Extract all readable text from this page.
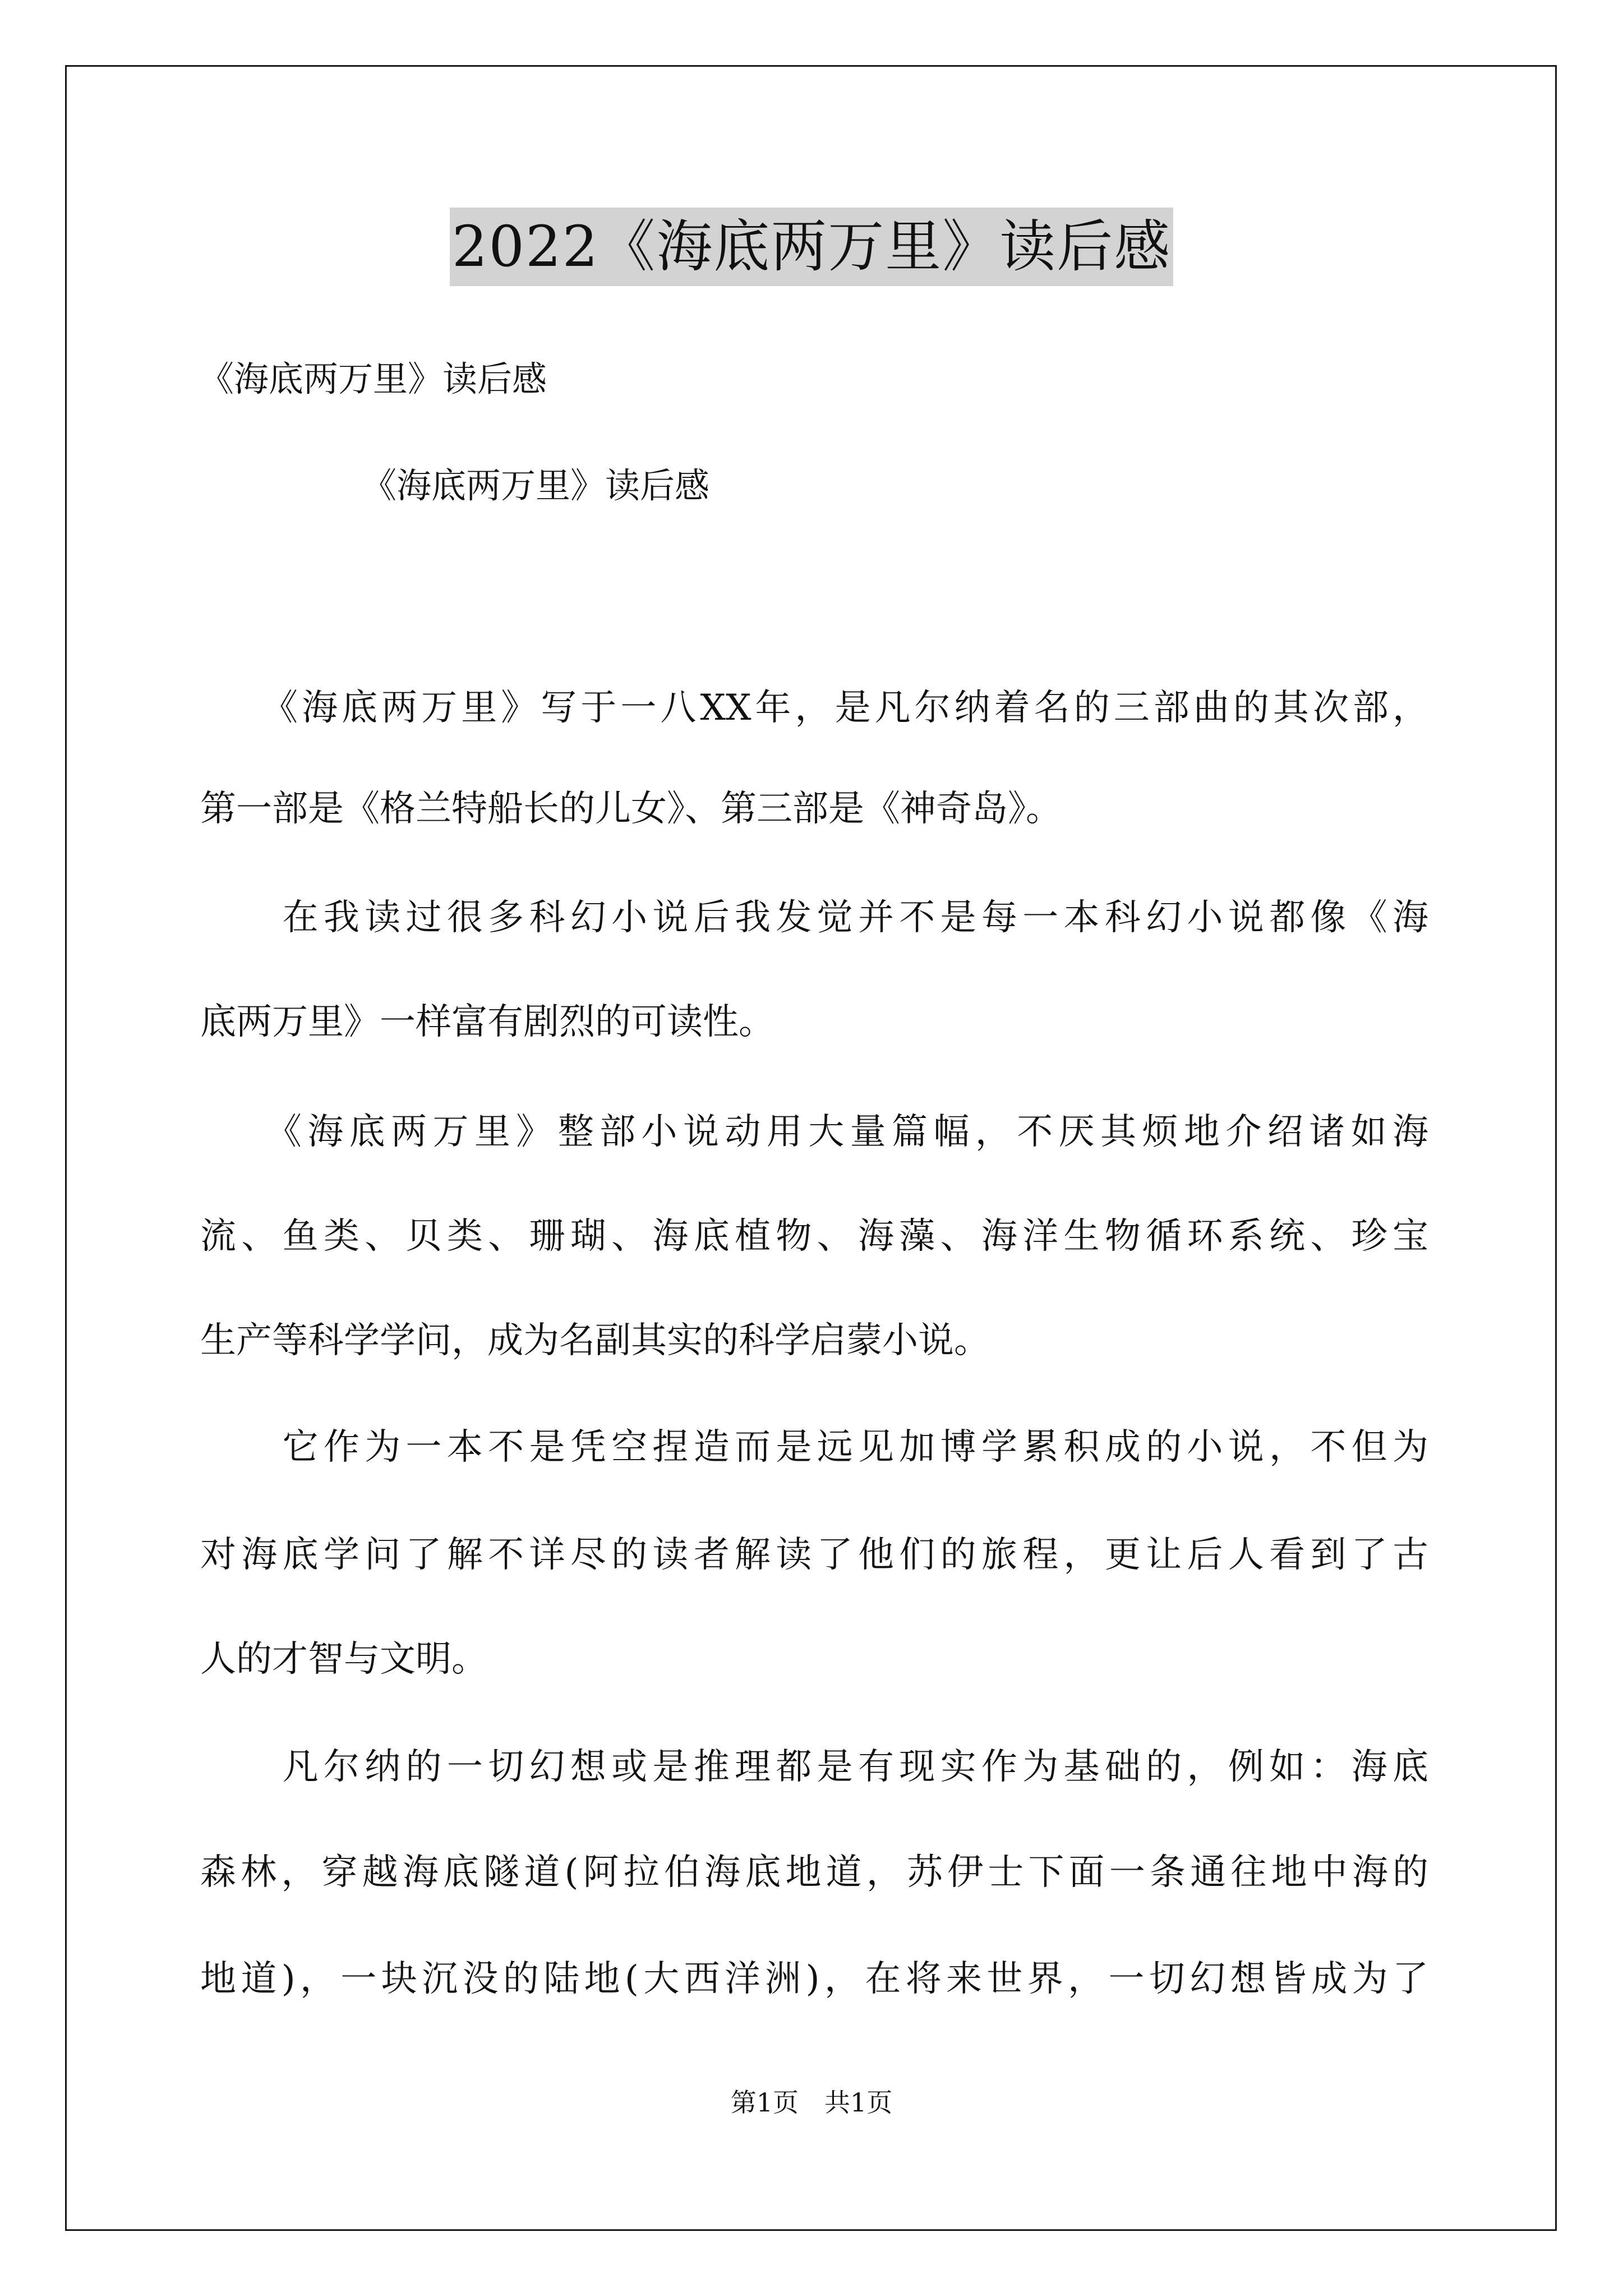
2022《海底两万里》读后感
《海底两万里》读后感
《海底两万里》读后感
　　《海底两万里》写于一八XX年，是凡尔纳着名的三部曲的其次部，
第一部是《格兰特船长的儿女》、第三部是《神奇岛》。
　　在我读过很多科幻小说后我发觉并不是每一本科幻小说都像《海
底两万里》一样富有剧烈的可读性。
　　《海底两万里》整部小说动用大量篇幅，不厌其烦地介绍诸如海
流、鱼类、贝类、珊瑚、海底植物、海藻、海洋生物循环系统、珍宝
生产等科学学问，成为名副其实的科学启蒙小说。
　　它作为一本不是凭空捏造而是远见加博学累积成的小说，不但为
对海底学问了解不详尽的读者解读了他们的旅程，更让后人看到了古
人的才智与文明。
　　凡尔纳的一切幻想或是推理都是有现实作为基础的，例如：海底
森林，穿越海底隧道(阿拉伯海底地道，苏伊士下面一条通往地中海的
地道)，一块沉没的陆地(大西洋洲)，在将来世界，一切幻想皆成为了
第1页　共1页
